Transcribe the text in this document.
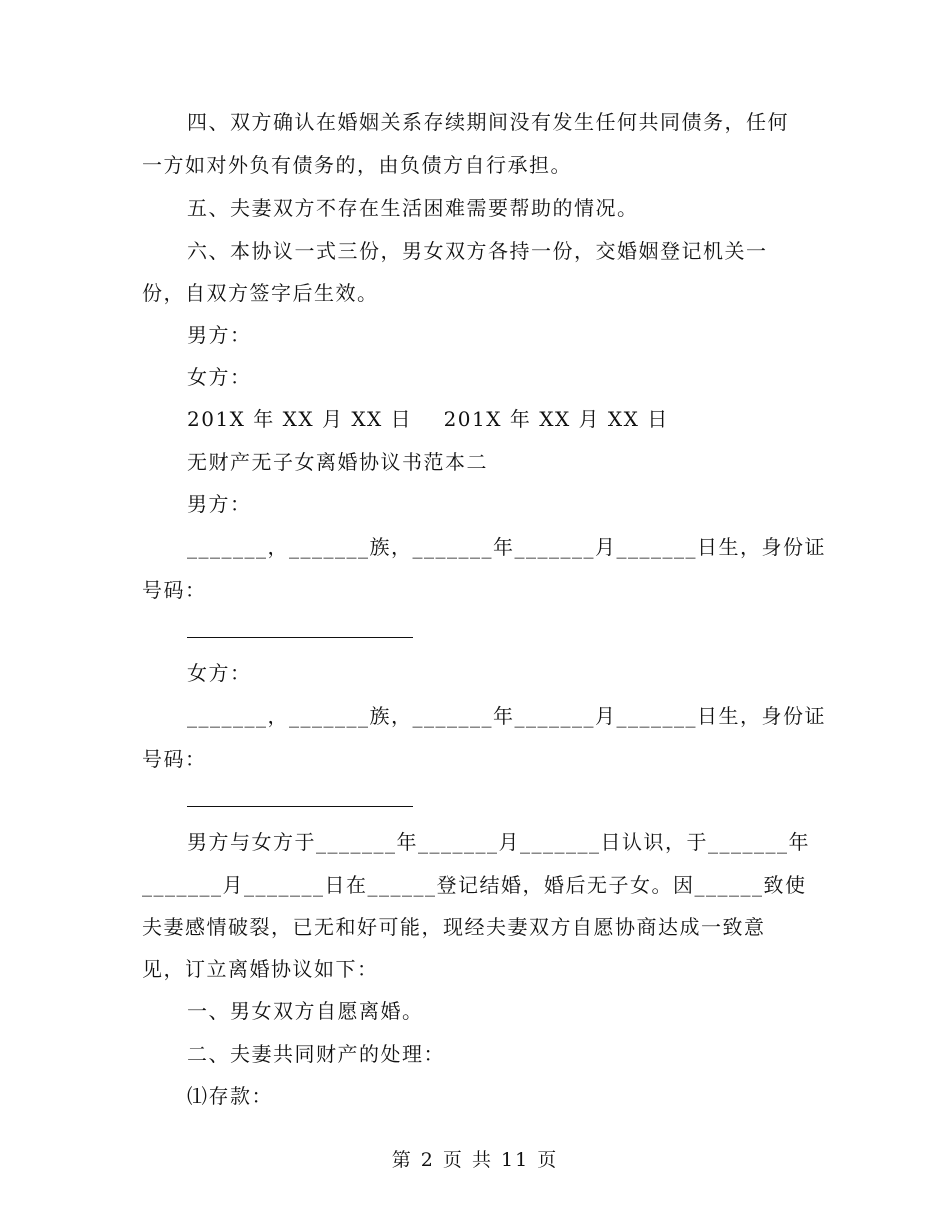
四、双方确认在婚姻关系存续期间没有发生任何共同债务，任何
一方如对外负有债务的，由负债方自行承担。
五、夫妻双方不存在生活困难需要帮助的情况。
六、本协议一式三份，男女双方各持一份，交婚姻登记机关一
份，自双方签字后生效。
男方：
女方：
201X 年 XX 月 XX 日    201X 年 XX 月 XX 日
无财产无子女离婚协议书范本二
男方：
_______，_______族，_______年_______月_______日生，身份证
号码：
女方：
_______，_______族，_______年_______月_______日生，身份证
号码：
男方与女方于_______年_______月_______日认识，于_______年
_______月_______日在______登记结婚，婚后无子女。因______致使
夫妻感情破裂，已无和好可能，现经夫妻双方自愿协商达成一致意
见，订立离婚协议如下：
一、男女双方自愿离婚。
二、夫妻共同财产的处理：
⑴存款：
第 2 页 共 11 页
